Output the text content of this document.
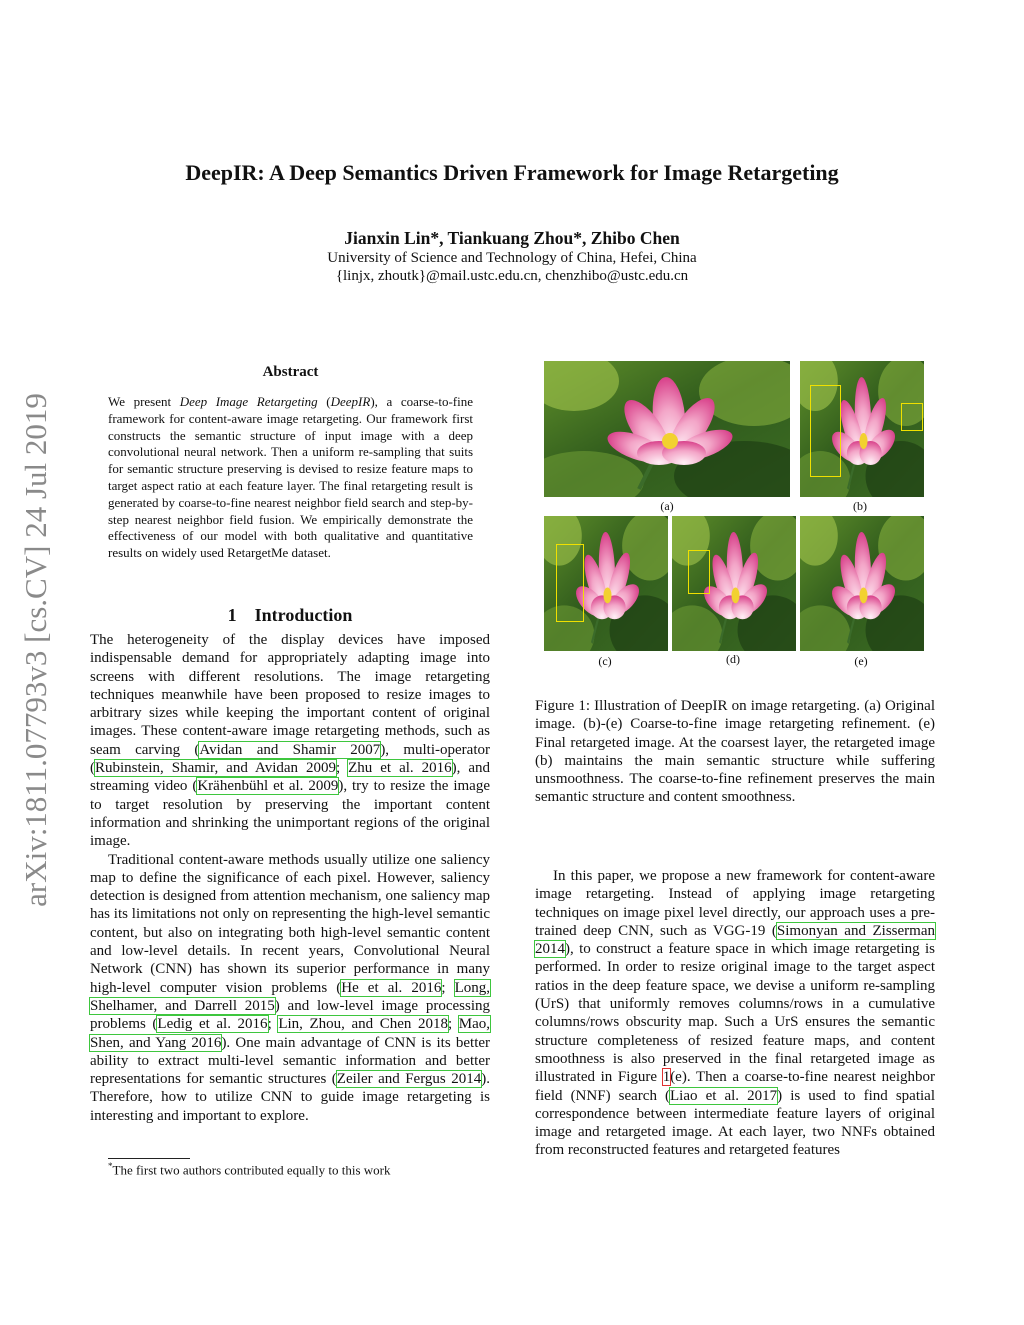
DeepIR: A Deep Semantics Driven Framework for Image Retargeting
Jianxin Lin*, Tiankuang Zhou*, Zhibo Chen
University of Science and Technology of China, Hefei, China
{linjx, zhoutk}@mail.ustc.edu.cn, chenzhibo@ustc.edu.cn
arXiv:1811.07793v3 [cs.CV] 24 Jul 2019
Abstract
We present Deep Image Retargeting (DeepIR), a coarse-to-fine framework for content-aware image retargeting. Our framework first constructs the semantic structure of input image with a deep convolutional neural network. Then a uniform re-sampling that suits for semantic structure preserving is devised to resize feature maps to target aspect ratio at each feature layer. The final retargeting result is generated by coarse-to-fine nearest neighbor field search and step-by-step nearest neighbor field fusion. We empirically demonstrate the effectiveness of our model with both qualitative and quantitative results on widely used RetargetMe dataset.
1 Introduction

The heterogeneity of the display devices have imposed indispensable demand for appropriately adapting image into screens with different resolutions. The image retargeting techniques meanwhile have been proposed to resize images to arbitrary sizes while keeping the important content of original images. These content-aware image retargeting methods, such as seam carving (Avidan and Shamir 2007), multi-operator (Rubinstein, Shamir, and Avidan 2009; Zhu et al. 2016), and streaming video (Krähenbühl et al. 2009), try to resize the image to target resolution by preserving the important content information and shrinking the unimportant regions of the original image.

Traditional content-aware methods usually utilize one saliency map to define the significance of each pixel. However, saliency detection is designed from attention mechanism, one saliency map has its limitations not only on representing the high-level semantic content, but also on integrating both high-level semantic content and low-level details. In recent years, Convolutional Neural Network (CNN) has shown its superior performance in many high-level computer vision problems (He et al. 2016; Long, Shelhamer, and Darrell 2015) and low-level image processing problems (Ledig et al. 2016; Lin, Zhou, and Chen 2018; Mao, Shen, and Yang 2016). One main advantage of CNN is its better ability to extract multi-level semantic information and better representations for semantic structures (Zeiler and Fergus 2014). Therefore, how to utilize CNN to guide image retargeting is interesting and important to explore.

*The first two authors contributed equally to this work
(a)	(b)
(c)	(d)	(e)
Figure 1: Illustration of DeepIR on image retargeting. (a) Original image. (b)-(e) Coarse-to-fine image retargeting refinement. (e) Final retargeted image. At the coarsest layer, the retargeted image (b) maintains the main semantic structure while suffering unsmoothness. The coarse-to-fine refinement preserves the main semantic structure and content smoothness.

In this paper, we propose a new framework for content-aware image retargeting. Instead of applying image retargeting techniques on image pixel level directly, our approach uses a pre-trained deep CNN, such as VGG-19 (Simonyan and Zisserman 2014), to construct a feature space in which image retargeting is performed. In order to resize original image to the target aspect ratios in the deep feature space, we devise a uniform re-sampling (UrS) that uniformly removes columns/rows in a cumulative columns/rows obscurity map. Such a UrS ensures the semantic structure completeness of resized feature maps, and content smoothness is also preserved in the final retargeted image as illustrated in Figure 1(e). Then a coarse-to-fine nearest neighbor field (NNF) search (Liao et al. 2017) is used to find spatial correspondence between intermediate feature layers of original image and retargeted image. At each layer, two NNFs obtained from reconstructed features and retargeted features
